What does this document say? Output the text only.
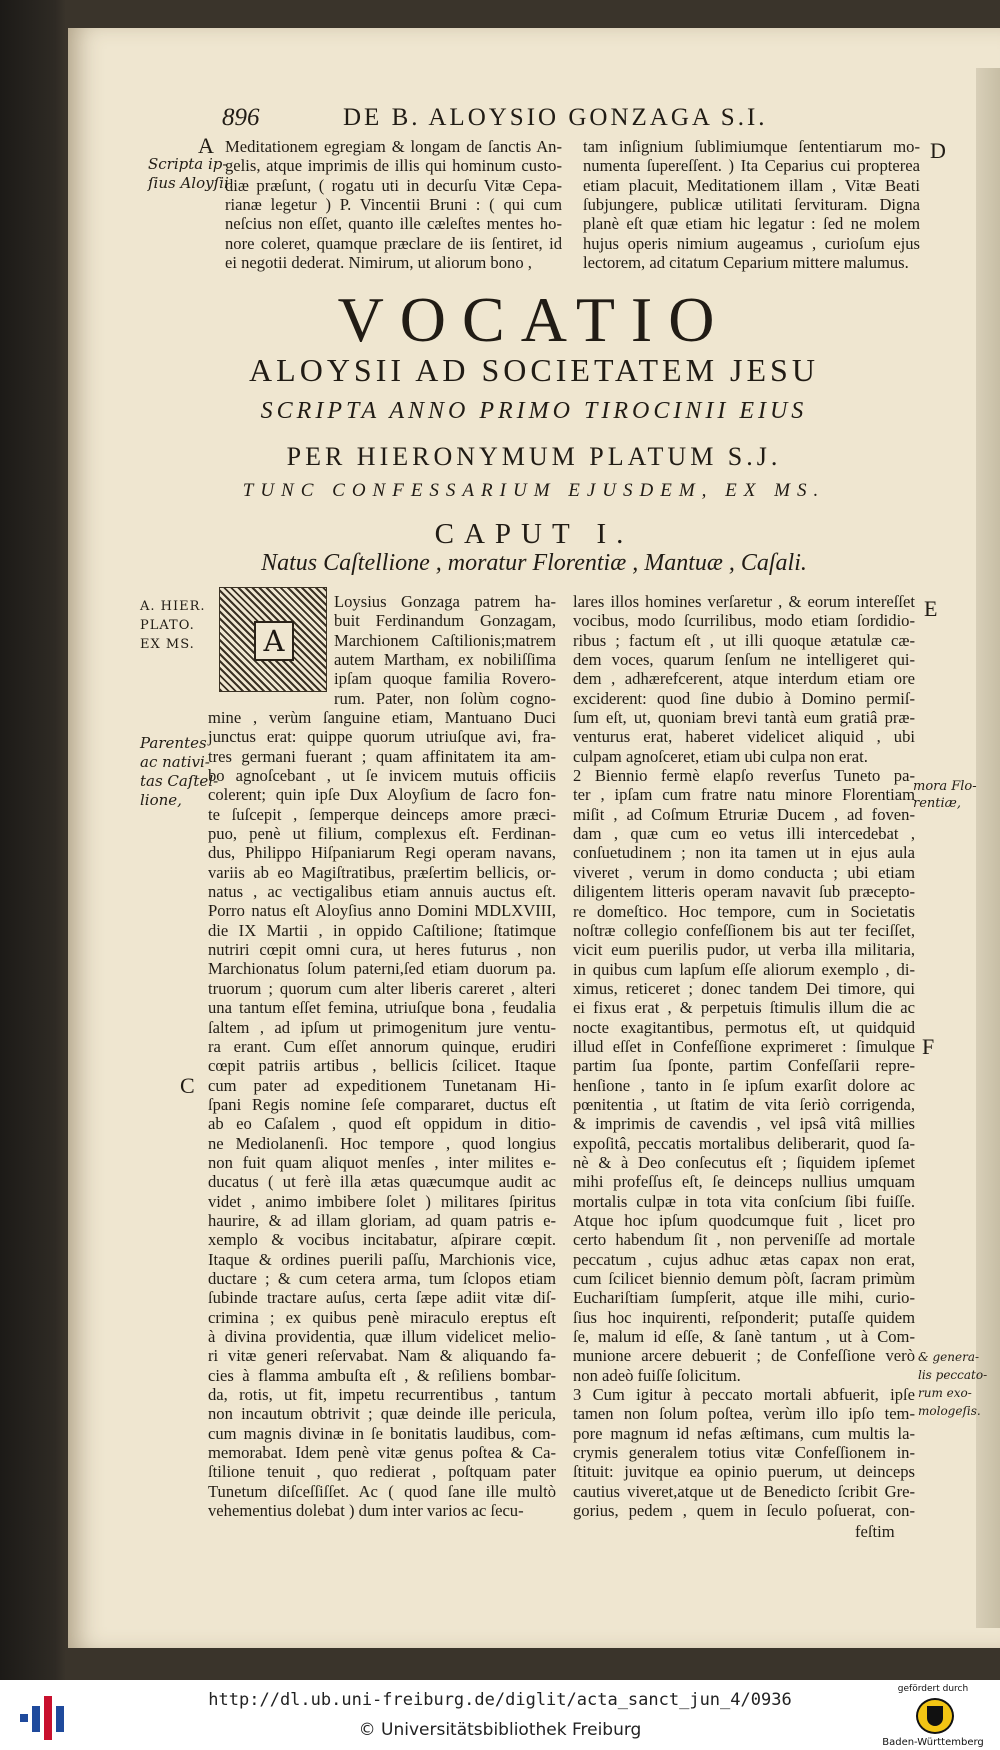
896	DE B. ALOYSIO GONZAGA S.I.
A
Scripta ip-
ſius Aloyſii.
Meditationem egregiam & longam de ſanctis An-
gelis, atque imprimis de illis qui hominum custo-
diæ præſunt, ( rogatu uti in decurſu Vitæ Cepa-
rianæ legetur ) P. Vincentii Bruni : ( qui cum
neſcius non eſſet, quanto ille cæleſtes mentes ho-
nore coleret, quamque præclare de iis ſentiret, id
ei negotii dederat. Nimirum, ut aliorum bono ,
tam inſignium ſublimiumque ſententiarum mo-
numenta ſupereſſent. ) Ita Ceparius cui propterea
etiam placuit, Meditationem illam , Vitæ Beati
ſubjungere, publicæ utilitati ſervituram. Digna
planè eſt quæ etiam hic legatur : ſed ne molem
hujus operis nimium augeamus , curioſum ejus
lectorem, ad citatum Ceparium mittere malumus.
D
VOCATIO
ALOYSII AD SOCIETATEM JESU
SCRIPTA ANNO PRIMO TIROCINII EIUS
PER HIERONYMUM PLATUM S.J.
TUNC CONFESSARIUM EJUSDEM, EX MS.
CAPUT I.
Natus Caſtellione , moratur Florentiæ , Mantuæ , Caſali.
A. HIER.
PLATO.
EX MS.	A
Loysius Gonzaga patrem ha-
buit Ferdinandum Gonzagam,
Marchionem Caſtilionis;matrem
autem Martham, ex nobiliſſima
ipſam quoque familia Rovero-
rum. Pater, non ſolùm cogno-
mine , verùm ſanguine etiam, Mantuano Duci
junctus erat: quippe quorum utriuſque avi, fra-
tres germani fuerant ; quam affinitatem ita am-
bo agnoſcebant , ut ſe invicem mutuis officiis
colerent; quin ipſe Dux Aloyſium de ſacro fon-
te ſuſcepit , ſemperque deinceps amore præci-
puo, penè ut filium, complexus eſt. Ferdinan-
dus, Philippo Hiſpaniarum Regi operam navans,
variis ab eo Magiſtratibus, præſertim bellicis, or-
natus , ac vectigalibus etiam annuis auctus eſt.
Porro natus eſt Aloyſius anno Domini MDLXVIII,
die IX Martii , in oppido Caſtilione; ſtatimque
nutriri cœpit omni cura, ut heres futurus , non
Marchionatus ſolum paterni,ſed etiam duorum pa.
truorum ; quorum cum alter liberis careret , alteri
una tantum eſſet femina, utriuſque bona , feudalia
ſaltem , ad ipſum ut primogenitum jure ventu-
ra erant. Cum eſſet annorum quinque, erudiri
cœpit patriis artibus , bellicis ſcilicet. Itaque
cum pater ad expeditionem Tunetanam Hi-
ſpani Regis nomine ſeſe compararet, ductus eſt
ab eo Caſalem , quod eſt oppidum in ditio-
ne Mediolanenſi. Hoc tempore , quod longius
non fuit quam aliquot menſes , inter milites e-
ducatus ( ut ferè illa ætas quæcumque audit ac
videt , animo imbibere ſolet ) militares ſpiritus
haurire, & ad illam gloriam, ad quam patris e-
xemplo & vocibus incitabatur, aſpirare cœpit.
Itaque & ordines puerili paſſu, Marchionis vice,
ductare ; & cum cetera arma, tum ſclopos etiam
ſubinde tractare auſus, certa ſæpe adiit vitæ diſ-
crimina ; ex quibus penè miraculo ereptus eſt
à divina providentia, quæ illum videlicet melio-
ri vitæ generi reſervabat. Nam & aliquando fa-
cies à flamma ambuſta eſt , & reſiliens bombar-
da, rotis, ut fit, impetu recurrentibus , tantum
non incautum obtrivit ; quæ deinde ille pericula,
cum magnis divinæ in ſe bonitatis laudibus, com-
memorabat. Idem penè vitæ genus poſtea & Ca-
ſtilione tenuit , quo redierat , poſtquam pater
Tunetum diſceſſiſſet. Ac ( quod ſane ille multò
vehementius dolebat ) dum inter varios ac ſecu-
Parentes
ac nativi-
tas Caſtel-
lione,
C
lares illos homines verſaretur , & eorum intereſſet
vocibus, modo ſcurrilibus, modo etiam ſordidio-
ribus ; factum eſt , ut illi quoque ætatulæ cæ-
dem voces, quarum ſenſum ne intelligeret qui-
dem , adhærefcerent, atque interdum etiam ore
exciderent: quod ſine dubio à Domino permiſ-
ſum eſt, ut, quoniam brevi tantà eum gratiâ præ-
venturus erat, haberet videlicet aliquid , ubi
culpam agnoſceret, etiam ubi culpa non erat.
2 Biennio fermè elapſo reverſus Tuneto pa-
ter , ipſam cum fratre natu minore Florentiam
miſit , ad Coſmum Etruriæ Ducem , ad foven-
dam , quæ cum eo vetus illi intercedebat ,
conſuetudinem ; non ita tamen ut in ejus aula
viveret , verum in domo conducta ; ubi etiam
diligentem litteris operam navavit ſub præcepto-
re domeſtico. Hoc tempore, cum in Societatis
noſtræ collegio confeſſionem bis aut ter feciſſet,
vicit eum puerilis pudor, ut verba illa militaria,
in quibus cum lapſum eſſe aliorum exemplo , di-
ximus, reticeret ; donec tandem Dei timore, qui
ei fixus erat , & perpetuis ſtimulis illum die ac
nocte exagitantibus, permotus eſt, ut quidquid
illud eſſet in Confeſſione exprimeret : ſimulque
partim ſua ſponte, partim Confeſſarii repre-
henſione , tanto in ſe ipſum exarſit dolore ac
pœnitentia , ut ſtatim de vita ſeriò corrigenda,
& imprimis de cavendis , vel ipsâ vitâ millies
expoſitâ, peccatis mortalibus deliberarit, quod ſa-
nè & à Deo conſecutus eſt ; ſiquidem ipſemet
mihi profeſſus eſt, ſe deinceps nullius umquam
mortalis culpæ in tota vita conſcium ſibi fuiſſe.
Atque hoc ipſum quodcumque fuit , licet pro
certo habendum ſit , non perveniſſe ad mortale
peccatum , cujus adhuc ætas capax non erat,
cum ſcilicet biennio demum pòſt, ſacram primùm
Euchariſtiam ſumpſerit, atque ille mihi, curio-
ſius hoc inquirenti, reſponderit; putaſſe quidem
ſe, malum id eſſe, & ſanè tantum , ut à Com-
munione arcere debuerit ; de Confeſſione verò
non adeò fuiſſe ſolicitum.
3 Cum igitur à peccato mortali abfuerit, ipſe
tamen non ſolum poſtea, verùm illo ipſo tem-
pore magnum id nefas æſtimans, cum multis la-
crymis generalem totius vitæ Confeſſionem in-
ſtituit: juvitque ea opinio puerum, ut deinceps
cautius viveret,atque ut de Benedicto ſcribit Gre-
gorius, pedem , quem in ſeculo poſuerat, con-
feſtim
E
F
mora Flo-
rentiæ,
& genera-
lis peccato-
rum exo-
mologeſis.
http://dl.ub.uni-freiburg.de/diglit/acta_sanct_jun_4/0936
© Universitätsbibliothek Freiburg
gefördert durch
Baden-Württemberg
